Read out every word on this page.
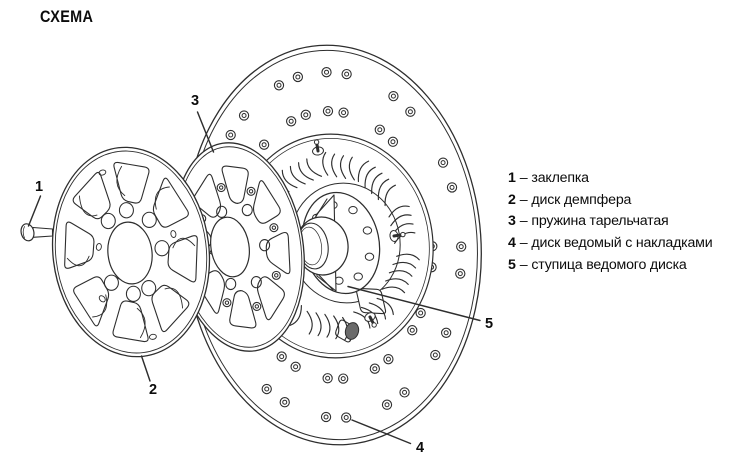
СХЕМА
1
2
3
4
5
1 – заклепка
2 – диск демпфера
3 – пружина тарельчатая
4 – диск ведомый с накладками
5 – ступица ведомого диска
